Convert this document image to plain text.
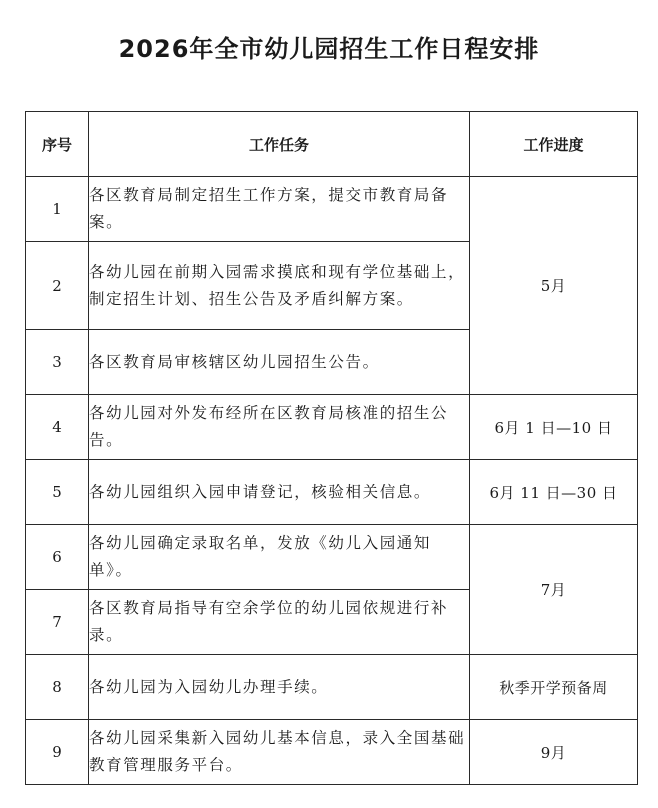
2026年全市幼儿园招生工作日程安排
序号	工作任务	工作进度
1	各区教育局制定招生工作方案，提交市教育局备案。	5月
2	各幼儿园在前期入园需求摸底和现有学位基础上，制定招生计划、招生公告及矛盾纠解方案。	
3	各区教育局审核辖区幼儿园招生公告。	
4	各幼儿园对外发布经所在区教育局核准的招生公告。	6月 1 日—10 日
5	各幼儿园组织入园申请登记，核验相关信息。	6月 11 日—30 日
6	各幼儿园确定录取名单，发放《幼儿入园通知单》。	7月
7	各区教育局指导有空余学位的幼儿园依规进行补录。	
8	各幼儿园为入园幼儿办理手续。	秋季开学预备周
9	各幼儿园采集新入园幼儿基本信息，录入全国基础教育管理服务平台。	9月
